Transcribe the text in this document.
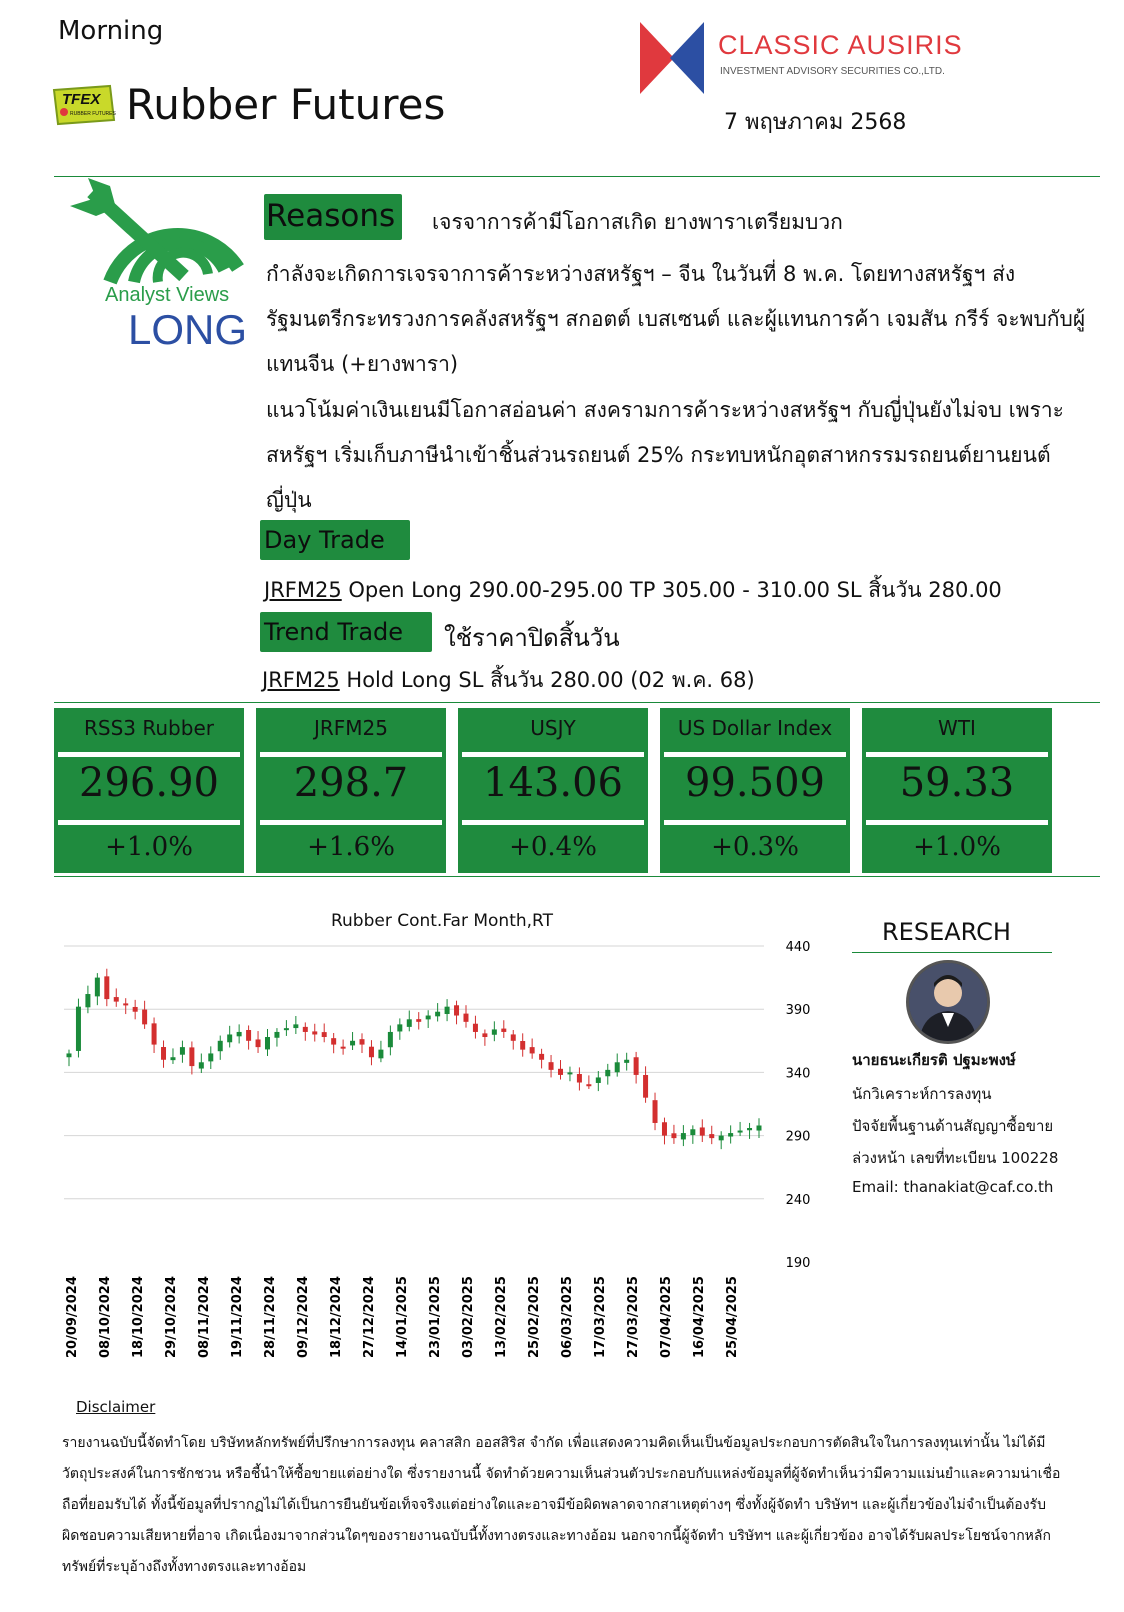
Morning
TFEX
RUBBER FUTURES Rubber Futures
CLASSIC AUSIRIS
INVESTMENT ADVISORY SECURITIES CO.,LTD.
7 พฤษภาคม 2568
Analyst Views
LONG
Reasons	เจรจาการค้ามีโอกาสเกิด ยางพาราเตรียมบวก
กำลังจะเกิดการเจรจาการค้าระหว่างสหรัฐฯ – จีน ในวันที่ 8 พ.ค. โดยทางสหรัฐฯ ส่งรัฐมนตรีกระทรวงการคลังสหรัฐฯ สกอตต์ เบสเซนต์ และผู้แทนการค้า เจมสัน กรีร์ จะพบกับผู้แทนจีน (+ยางพารา)
แนวโน้มค่าเงินเยนมีโอกาสอ่อนค่า สงครามการค้าระหว่างสหรัฐฯ กับญี่ปุ่นยังไม่จบ เพราะสหรัฐฯ เริ่มเก็บภาษีนำเข้าชิ้นส่วนรถยนต์ 25% กระทบหนักอุตสาหกรรมรถยนต์ยานยนต์ญี่ปุ่น
Day Trade
JRFM25 Open Long 290.00-295.00 TP 305.00 - 310.00 SL สิ้นวัน 280.00
Trend Trade	ใช้ราคาปิดสิ้นวัน
JRFM25 Hold Long SL สิ้นวัน 280.00 (02 พ.ค. 68)
RSS3 Rubber
296.90
+1.0%
JRFM25
298.7
+1.6%
USJY
143.06
+0.4%
US Dollar Index
99.509
+0.3%
WTI
59.33
+1.0%
Rubber Cont.Far Month,RT
440
390
340
290
240
190
20/09/2024 08/10/2024 18/10/2024 29/10/2024 08/11/2024 19/11/2024 28/11/2024 09/12/2024 18/12/2024 27/12/2024 14/01/2025 23/01/2025 03/02/2025 13/02/2025 25/02/2025 06/03/2025 17/03/2025 27/03/2025 07/04/2025 16/04/2025 25/04/2025
RESEARCH
นายธนะเกียรติ ปฐมะพงษ์
นักวิเคราะห์การลงทุน
ปัจจัยพื้นฐานด้านสัญญาซื้อขาย
ล่วงหน้า เลขที่ทะเบียน 100228
Email: thanakiat@caf.co.th
Disclaimer
รายงานฉบับนี้จัดทำโดย บริษัทหลักทรัพย์ที่ปรึกษาการลงทุน คลาสสิก ออสสิริส จำกัด เพื่อแสดงความคิดเห็นเป็นข้อมูลประกอบการตัดสินใจในการลงทุนเท่านั้น ไม่ได้มีวัตถุประสงค์ในการชักชวน หรือชี้นำให้ซื้อขายแต่อย่างใด ซึ่งรายงานนี้ จัดทำด้วยความเห็นส่วนตัวประกอบกับแหล่งข้อมูลที่ผู้จัดทำเห็นว่ามีความแม่นยำและความน่าเชื่อถือที่ยอมรับได้ ทั้งนี้ข้อมูลที่ปรากฏไม่ได้เป็นการยืนยันข้อเท็จจริงแต่อย่างใดและอาจมีข้อผิดพลาดจากสาเหตุต่างๆ ซึ่งทั้งผู้จัดทำ บริษัทฯ และผู้เกี่ยวข้องไม่จำเป็นต้องรับผิดชอบความเสียหายที่อาจ เกิดเนื่องมาจากส่วนใดๆของรายงานฉบับนี้ทั้งทางตรงและทางอ้อม นอกจากนี้ผู้จัดทำ บริษัทฯ และผู้เกี่ยวข้อง อาจได้รับผลประโยชน์จากหลักทรัพย์ที่ระบุอ้างถึงทั้งทางตรงและทางอ้อม
